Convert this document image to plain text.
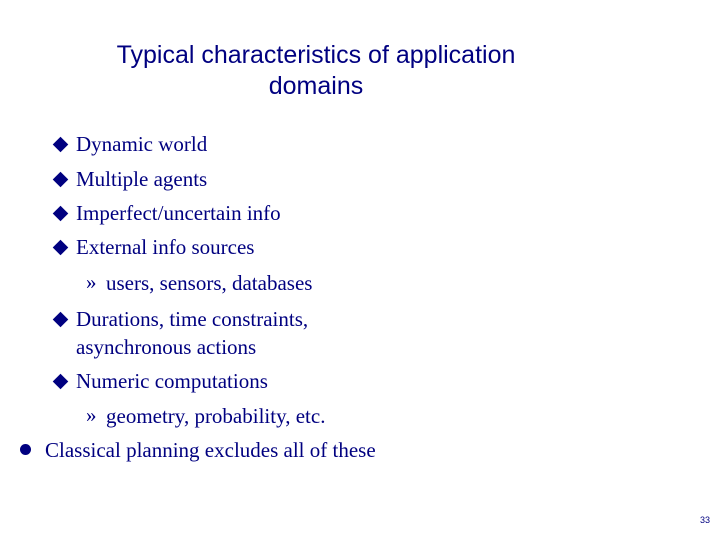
Typical characteristics of application
domains
Dynamic world
Multiple agents
Imperfect/uncertain info
External info sources
» users, sensors, databases
Durations, time constraints,
asynchronous actions
Numeric computations
» geometry, probability, etc.
Classical planning excludes all of these
33
